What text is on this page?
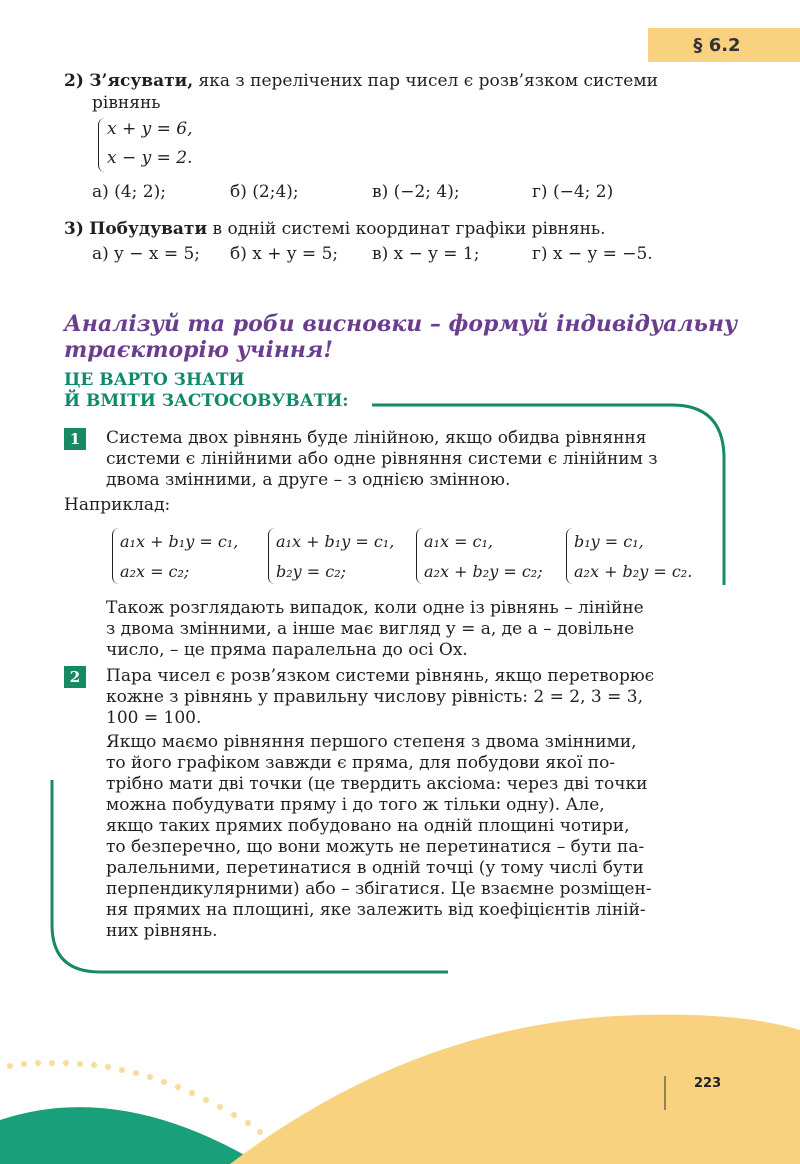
§ 6.2
2) З’ясувати, яка з перелічених пар чисел є розв’язком системи
рівнянь
x + y = 6,
x − y = 2.
а) (4; 2);	б) (2;4);	в) (−2; 4);	г) (−4; 2)
3) Побудувати в одній системі координат графіки рівнянь.
а) y − x = 5; б) x + y = 5; в) x − y = 1;	г) x − y = −5.
Аналізуй та роби висновки – формуй індивідуальну
траєкторію учіння!
ЦЕ ВАРТО ЗНАТИ
Й ВМІТИ ЗАСТОСОВУВАТИ:
1	Система двох рівнянь буде лінійною, якщо обидва рівняння
системи є лінійними або одне рівняння системи є лінійним з
двома змінними, а друге – з однією змінною.
Наприклад:
a₁x + b₁y = c₁,
a₂x = c₂;
a₁x + b₁y = c₁,
b₂y = c₂;
a₁x = c₁,
a₂x + b₂y = c₂;
b₁y = c₁,
a₂x + b₂y = c₂.
Також розглядають випадок, коли одне із рівнянь – лінійне
з двома змінними, а інше має вигляд y = a, де a – довільне
число, – це пряма паралельна до осі Ox.
2	Пара чисел є розв’язком системи рівнянь, якщо перетворює
кожне з рівнянь у правильну числову рівність: 2 = 2, 3 = 3,
100 = 100.
Якщо маємо рівняння першого степеня з двома змінними,
то його графіком завжди є пряма, для побудови якої по-
трібно мати дві точки (це твердить аксіома: через дві точки
можна побудувати пряму і до того ж тільки одну). Але,
якщо таких прямих побудовано на одній площині чотири,
то безперечно, що вони можуть не перетинатися – бути па-
ралельними, перетинатися в одній точці (у тому числі бути
перпендикулярними) або – збігатися. Це взаємне розміщен-
ня прямих на площині, яке залежить від коефіцієнтів ліній-
них рівнянь.
223
